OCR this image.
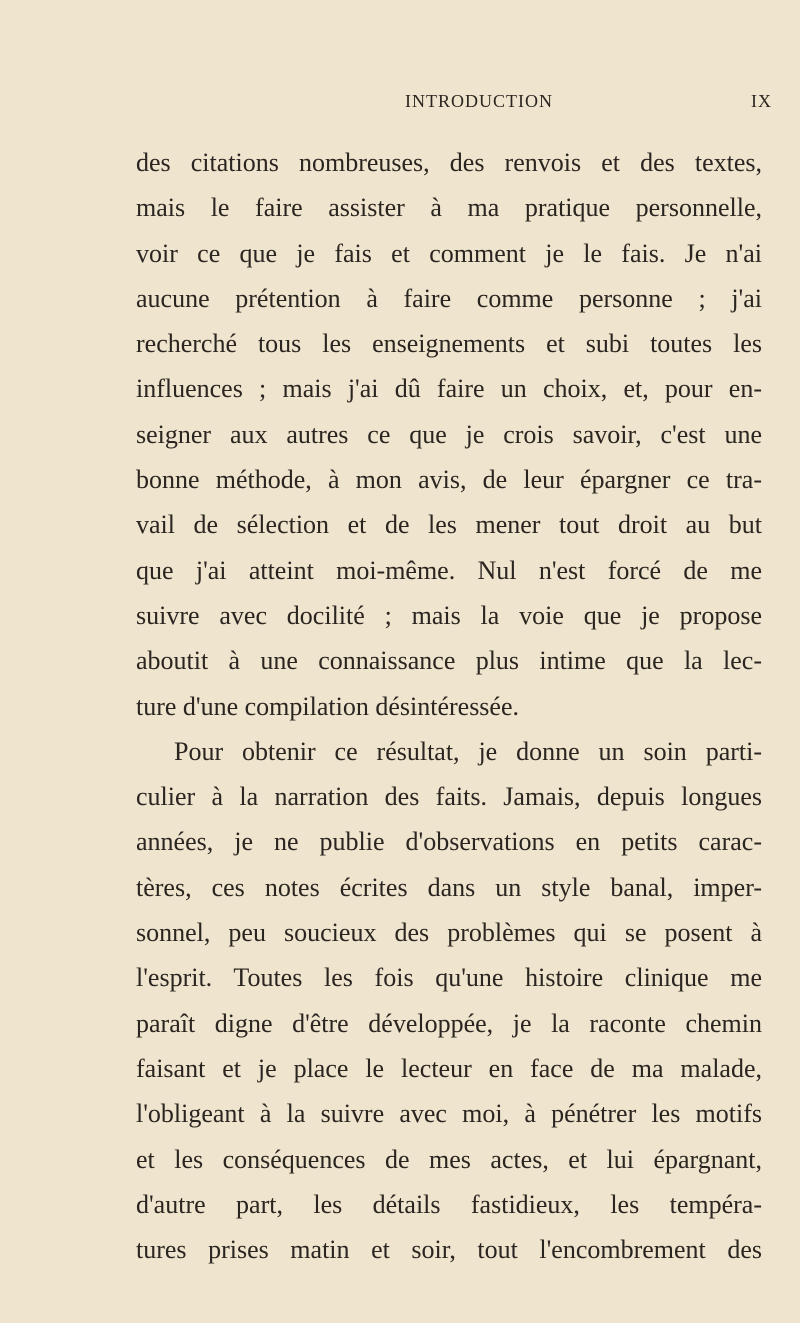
INTRODUCTION	IX
des citations nombreuses, des renvois et des textes,
mais le faire assister à ma pratique personnelle,
voir ce que je fais et comment je le fais. Je n'ai
aucune prétention à faire comme personne ; j'ai
recherché tous les enseignements et subi toutes les
influences ; mais j'ai dû faire un choix, et, pour en-
seigner aux autres ce que je crois savoir, c'est une
bonne méthode, à mon avis, de leur épargner ce tra-
vail de sélection et de les mener tout droit au but
que j'ai atteint moi-même. Nul n'est forcé de me
suivre avec docilité ; mais la voie que je propose
aboutit à une connaissance plus intime que la lec-
ture d'une compilation désintéressée.
Pour obtenir ce résultat, je donne un soin parti-
culier à la narration des faits. Jamais, depuis longues
années, je ne publie d'observations en petits carac-
tères, ces notes écrites dans un style banal, imper-
sonnel, peu soucieux des problèmes qui se posent à
l'esprit. Toutes les fois qu'une histoire clinique me
paraît digne d'être développée, je la raconte chemin
faisant et je place le lecteur en face de ma malade,
l'obligeant à la suivre avec moi, à pénétrer les motifs
et les conséquences de mes actes, et lui épargnant,
d'autre part, les détails fastidieux, les tempéra-
tures prises matin et soir, tout l'encombrement des
